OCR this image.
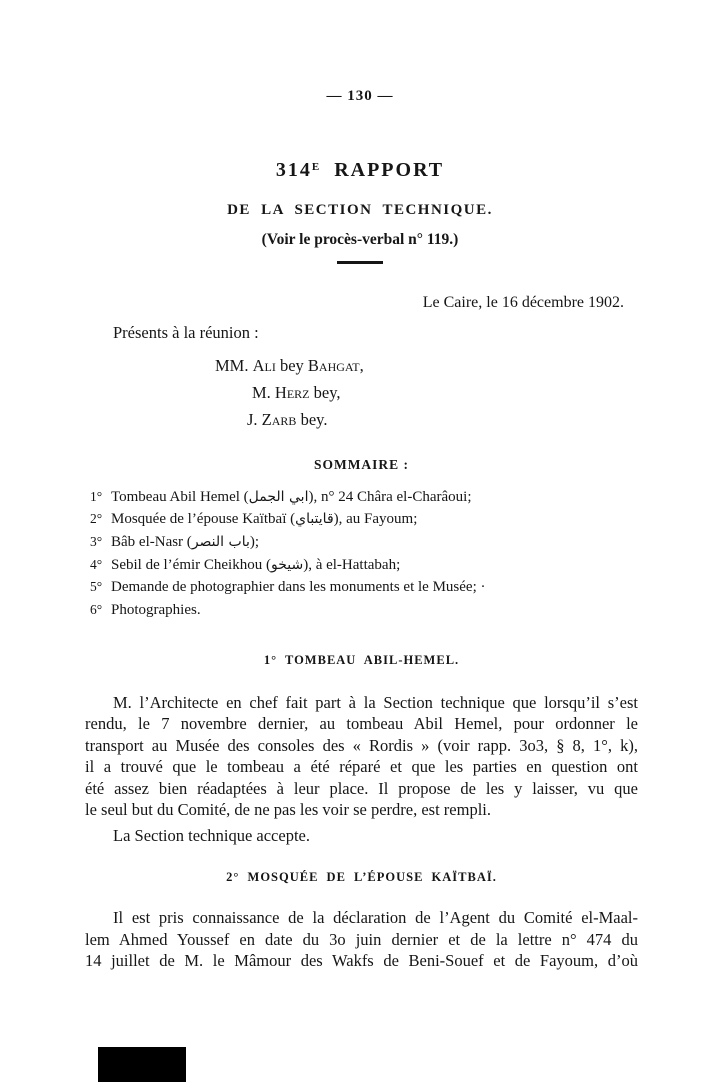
— 130 —
$314^E$ RAPPORT
DE LA SECTION TECHNIQUE.
(Voir le procès-verbal n° 119.)
Le Caire, le 16 décembre 1902.
Présents à la réunion :
MM. Ali bey Bahgat,
M. Herz bey,
J. Zarb bey.
SOMMAIRE :
1° Tombeau Abil Hemel (ابي الجمل), n° 24 Châra el-Charâoui;
2° Mosquée de l’épouse Kaïtbaï (قايتباي), au Fayoum;
3° Bâb el-Nasr (باب النصر);
4° Sebil de l’émir Cheikhou (شيخو), à el-Hattabah;
5° Demande de photographier dans les monuments et le Musée; ·
6° Photographies.
1° TOMBEAU ABIL-HEMEL.
M. l’Architecte en chef fait part à la Section technique que lorsqu’il s’est
rendu, le 7 novembre dernier, au tombeau Abil Hemel, pour ordonner le
transport au Musée des consoles des « Rordis » (voir rapp. 3o3, § 8, 1°, k),
il a trouvé que le tombeau a été réparé et que les parties en question ont
été assez bien réadaptées à leur place. Il propose de les y laisser, vu que
le seul but du Comité, de ne pas les voir se perdre, est rempli.
La Section technique accepte.
2° MOSQUÉE DE L’ÉPOUSE KAÏTBAÏ.
Il est pris connaissance de la déclaration de l’Agent du Comité el-Maal-
lem Ahmed Youssef en date du 3o juin dernier et de la lettre n° 474 du
14 juillet de M. le Mâmour des Wakfs de Beni-Souef et de Fayoum, d’où
